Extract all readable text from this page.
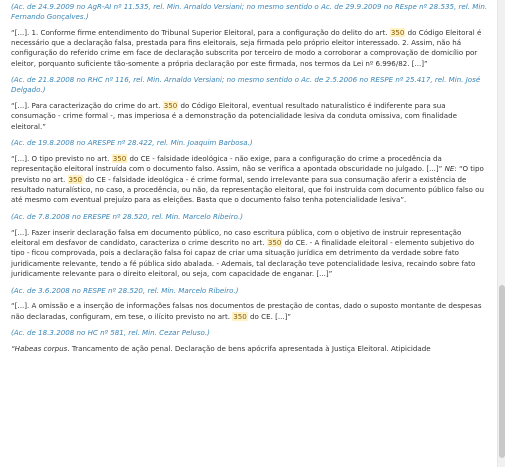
(Ac. de 24.9.2009 no AgR-AI nº 11.535, rel. Min. Arnaldo Versiani; no mesmo sentido o Ac. de 29.9.2009 no REspe nº 28.535, rel. Min. Fernando Gonçalves.)

“[...]. 1. Conforme firme entendimento do Tribunal Superior Eleitoral, para a configuração do delito do art. 350 do Código Eleitoral é necessário que a declaração falsa, prestada para fins eleitorais, seja firmada pelo próprio eleitor interessado. 2. Assim, não há configuração do referido crime em face de declaração subscrita por terceiro de modo a corroborar a comprovação de domicílio por eleitor, porquanto suficiente tão-somente a própria declaração por este firmada, nos termos da Lei nº 6.996/82. [...]”

(Ac. de 21.8.2008 no RHC nº 116, rel. Min. Arnaldo Versiani; no mesmo sentido o Ac. de 2.5.2006 no RESPE nº 25.417, rel. Min. José Delgado.)

“[...]. Para caracterização do crime do art. 350 do Código Eleitoral, eventual resultado naturalístico é indiferente para sua consumação - crime formal -, mas imperiosa é a demonstração da potencialidade lesiva da conduta omissiva, com finalidade eleitoral.”

(Ac. de 19.8.2008 no ARESPE nº 28.422, rel. Min. Joaquim Barbosa.)

“[...]. O tipo previsto no art. 350 do CE - falsidade ideológica - não exige, para a configuração do crime a procedência da representação eleitoral instruída com o documento falso. Assim, não se verifica a apontada obscuridade no julgado. [...]” NE: “O tipo previsto no art. 350 do CE - falsidade ideológica - é crime formal, sendo irrelevante para sua consumação aferir a existência de resultado naturalístico, no caso, a procedência, ou não, da representação eleitoral, que foi instruída com documento público falso ou até mesmo com eventual prejuízo para as eleições. Basta que o documento falso tenha potencialidade lesiva”.

(Ac. de 7.8.2008 no ERESPE nº 28.520, rel. Min. Marcelo Ribeiro.)

“[...]. Fazer inserir declaração falsa em documento público, no caso escritura pública, com o objetivo de instruir representação eleitoral em desfavor de candidato, caracteriza o crime descrito no art. 350 do CE. - A finalidade eleitoral - elemento subjetivo do tipo - ficou comprovada, pois a declaração falsa foi capaz de criar uma situação jurídica em detrimento da verdade sobre fato juridicamente relevante, tendo a fé pública sido abalada. - Ademais, tal declaração teve potencialidade lesiva, recaindo sobre fato juridicamente relevante para o direito eleitoral, ou seja, com capacidade de enganar. [...]”

(Ac. de 3.6.2008 no RESPE nº 28.520, rel. Min. Marcelo Ribeiro.)

“[...]. A omissão e a inserção de informações falsas nos documentos de prestação de contas, dado o suposto montante de despesas não declaradas, configuram, em tese, o ilícito previsto no art. 350 do CE. [...]”

(Ac. de 18.3.2008 no HC nº 581, rel. Min. Cezar Peluso.)

“Habeas corpus. Trancamento de ação penal. Declaração de bens apócrifa apresentada à Justiça Eleitoral. Atipicidade
